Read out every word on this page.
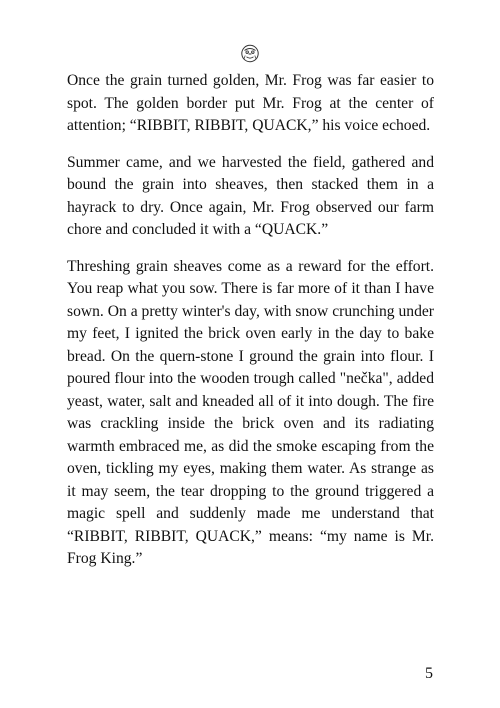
Once the grain turned golden, Mr. Frog was far easier to spot. The golden border put Mr. Frog at the center of attention; “RIBBIT, RIBBIT, QUACK,” his voice echoed.

Summer came, and we harvested the field, gathered and bound the grain into sheaves, then stacked them in a hayrack to dry. Once again, Mr. Frog observed our farm chore and concluded it with a “QUACK.”

Threshing grain sheaves come as a reward for the effort. You reap what you sow. There is far more of it than I have sown. On a pretty winter's day, with snow crunching under my feet, I ignited the brick oven early in the day to bake bread. On the quern-stone I ground the grain into flour. I poured flour into the wooden trough called "nečka", added yeast, water, salt and kneaded all of it into dough. The fire was crackling inside the brick oven and its radiating warmth embraced me, as did the smoke escaping from the oven, tickling my eyes, making them water. As strange as it may seem, the tear dropping to the ground triggered a magic spell and suddenly made me understand that “RIBBIT, RIBBIT, QUACK,” means: “my name is Mr. Frog King.”

5
